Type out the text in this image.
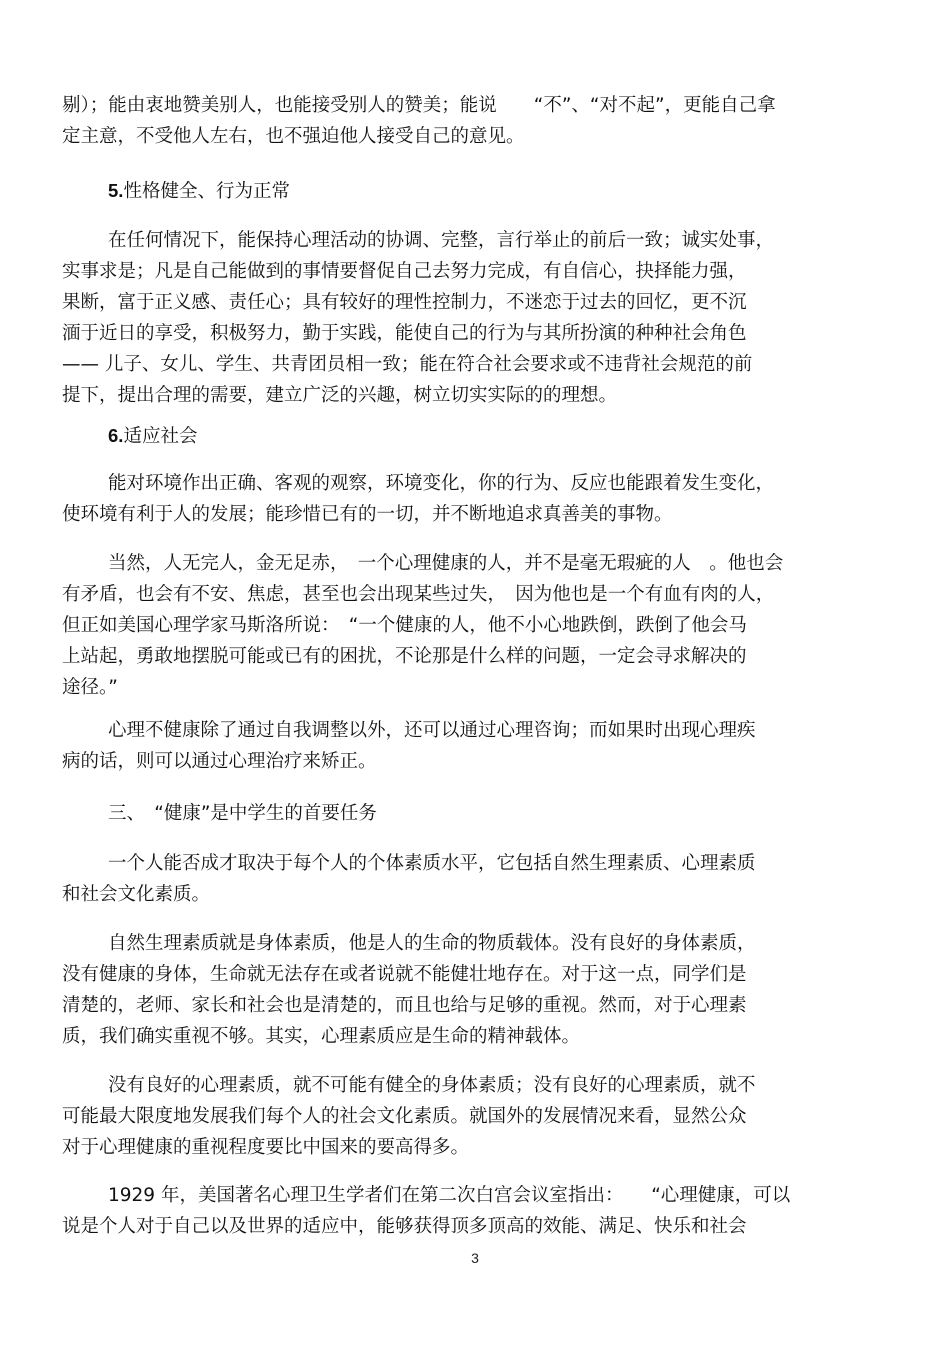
剔）；能由衷地赞美别人，也能接受别人的赞美；能说　　“不”、“对不起”，更能自己拿
定主意，不受他人左右，也不强迫他人接受自己的意见。
5.性格健全、行为正常
在任何情况下，能保持心理活动的协调、完整，言行举止的前后一致；诚实处事，
实事求是；凡是自己能做到的事情要督促自己去努力完成，有自信心，抉择能力强，
果断，富于正义感、责任心；具有较好的理性控制力，不迷恋于过去的回忆，更不沉
湎于近日的享受，积极努力，勤于实践，能使自己的行为与其所扮演的种种社会角色
—— 儿子、女儿、学生、共青团员相一致；能在符合社会要求或不违背社会规范的前
提下，提出合理的需要，建立广泛的兴趣，树立切实实际的的理想。
6.适应社会
能对环境作出正确、客观的观察，环境变化，你的行为、反应也能跟着发生变化，
使环境有利于人的发展；能珍惜已有的一切，并不断地追求真善美的事物。
当然，人无完人，金无足赤，　一个心理健康的人，并不是毫无瑕疵的人　。他也会
有矛盾，也会有不安、焦虑，甚至也会出现某些过失，　因为他也是一个有血有肉的人，
但正如美国心理学家马斯洛所说：　“一个健康的人，他不小心地跌倒，跌倒了他会马
上站起，勇敢地摆脱可能或已有的困扰，不论那是什么样的问题，一定会寻求解决的
途径。”
心理不健康除了通过自我调整以外，还可以通过心理咨询；而如果时出现心理疾
病的话，则可以通过心理治疗来矫正。
三、　“健康”是中学生的首要任务
一个人能否成才取决于每个人的个体素质水平，它包括自然生理素质、心理素质
和社会文化素质。
自然生理素质就是身体素质，他是人的生命的物质载体。没有良好的身体素质，
没有健康的身体，生命就无法存在或者说就不能健壮地存在。对于这一点，同学们是
清楚的，老师、家长和社会也是清楚的，而且也给与足够的重视。然而，对于心理素
质，我们确实重视不够。其实，心理素质应是生命的精神载体。
没有良好的心理素质，就不可能有健全的身体素质；没有良好的心理素质，就不
可能最大限度地发展我们每个人的社会文化素质。就国外的发展情况来看，显然公众
对于心理健康的重视程度要比中国来的要高得多。
1929 年，美国著名心理卫生学者们在第二次白宫会议室指出：　　“心理健康，可以
说是个人对于自己以及世界的适应中，能够获得顶多顶高的效能、满足、快乐和社会
3
